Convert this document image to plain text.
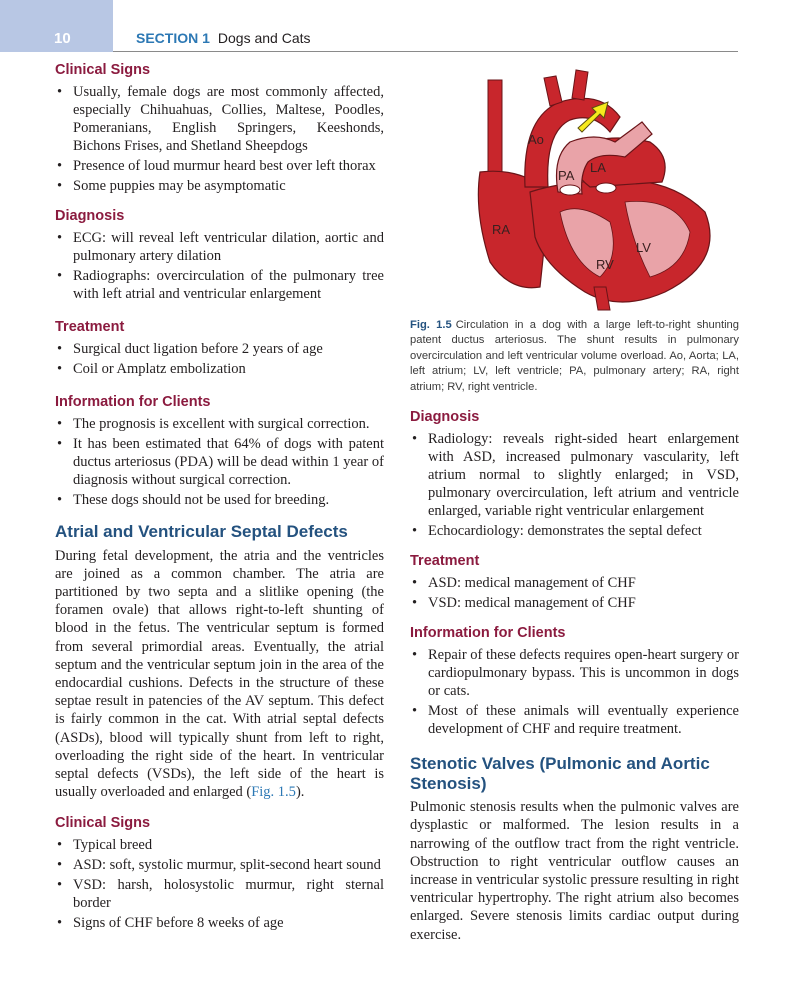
10	SECTION 1 Dogs and Cats
Clinical Signs
• Usually, female dogs are most commonly affected, especially Chihuahuas, Collies, Maltese, Poodles, Pomeranians, English Springers, Keeshonds, Bichons Frises, and Shetland Sheepdogs
• Presence of loud murmur heard best over left thorax
• Some puppies may be asymptomatic
Diagnosis
• ECG: will reveal left ventricular dilation, aortic and pulmonary artery dilation
• Radiographs: overcirculation of the pulmonary tree with left atrial and ventricular enlargement
Treatment
• Surgical duct ligation before 2 years of age
• Coil or Amplatz embolization
Information for Clients
• The prognosis is excellent with surgical correction.
• It has been estimated that 64% of dogs with patent ductus arteriosus (PDA) will be dead within 1 year of diagnosis without surgical correction.
• These dogs should not be used for breeding.
Atrial and Ventricular Septal Defects

During fetal development, the atria and the ventricles are joined as a common chamber. The atria are partitioned by two septa and a slitlike opening (the foramen ovale) that allows right-to-left shunting of blood in the fetus. The ventricular septum is formed from several primordial areas. Eventually, the atrial septum and the ventricular septum join in the area of the endocardial cushions. Defects in the structure of these septae result in patencies of the AV septum. This defect is fairly common in the cat. With atrial septal defects (ASDs), blood will typically shunt from left to right, overloading the right side of the heart. In ventricular septal defects (VSDs), the left side of the heart is usually overloaded and enlarged (Fig. 1.5).

Clinical Signs
• Typical breed
• ASD: soft, systolic murmur, split-second heart sound
• VSD: harsh, holosystolic murmur, right sternal border
• Signs of CHF before 8 weeks of age
Ao
LA
PA
RA
LV
RV

Fig. 1.5 Circulation in a dog with a large left-to-right shunting patent ductus arteriosus. The shunt results in pulmonary overcirculation and left ventricular volume overload. Ao, Aorta; LA, left atrium; LV, left ventricle; PA, pulmonary artery; RA, right atrium; RV, right ventricle.

Diagnosis
• Radiology: reveals right-sided heart enlargement with ASD, increased pulmonary vascularity, left atrium normal to slightly enlarged; in VSD, pulmonary overcirculation, left atrium and ventricle enlarged, variable right ventricular enlargement
• Echocardiology: demonstrates the septal defect
Treatment
• ASD: medical management of CHF
• VSD: medical management of CHF
Information for Clients
• Repair of these defects requires open-heart surgery or cardiopulmonary bypass. This is uncommon in dogs or cats.
• Most of these animals will eventually experience development of CHF and require treatment.
Stenotic Valves (Pulmonic and Aortic Stenosis)

Pulmonic stenosis results when the pulmonic valves are dysplastic or malformed. The lesion results in a narrowing of the outflow tract from the right ventricle. Obstruction to right ventricular outflow causes an increase in ventricular systolic pressure resulting in right ventricular hypertrophy. The right atrium also becomes enlarged. Severe stenosis limits cardiac output during exercise.
